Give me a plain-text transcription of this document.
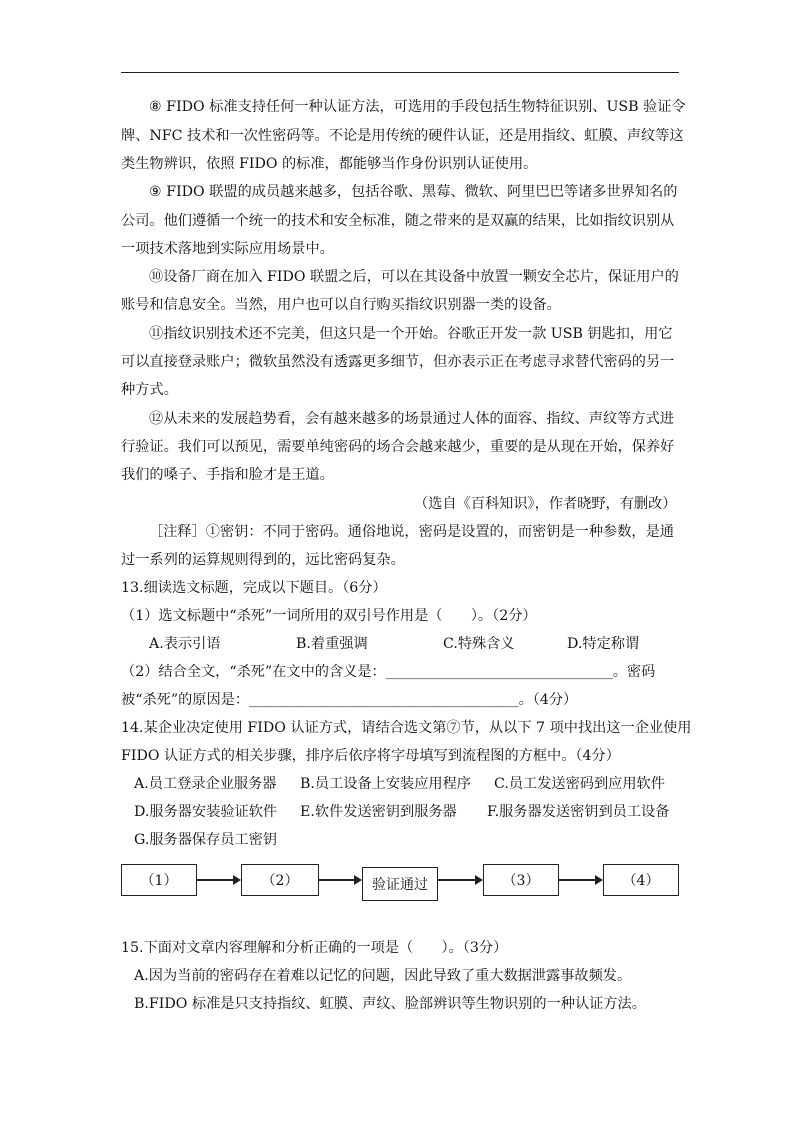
⑧ FIDO 标准支持任何一种认证方法，可选用的手段包括生物特征识别、USB 验证令
牌、NFC 技术和一次性密码等。不论是用传统的硬件认证，还是用指纹、虹膜、声纹等这
类生物辨识，依照 FIDO 的标准，都能够当作身份识别认证使用。
⑨ FIDO 联盟的成员越来越多，包括谷歌、黑莓、微软、阿里巴巴等诸多世界知名的
公司。他们遵循一个统一的技术和安全标准，随之带来的是双赢的结果，比如指纹识别从
一项技术落地到实际应用场景中。
⑩设备厂商在加入 FIDO 联盟之后，可以在其设备中放置一颗安全芯片，保证用户的
账号和信息安全。当然，用户也可以自行购买指纹识别器一类的设备。
⑪指纹识别技术还不完美，但这只是一个开始。谷歌正开发一款 USB 钥匙扣，用它
可以直接登录账户；微软虽然没有透露更多细节，但亦表示正在考虑寻求替代密码的另一
种方式。
⑫从未来的发展趋势看，会有越来越多的场景通过人体的面容、指纹、声纹等方式进
行验证。我们可以预见，需要单纯密码的场合会越来越少，重要的是从现在开始，保养好
我们的嗓子、手指和脸才是王道。
（选自《百科知识》，作者晓野，有删改）
［注释］①密钥：不同于密码。通俗地说，密码是设置的，而密钥是一种参数，是通
过一系列的运算规则得到的，远比密码复杂。
13.细读选文标题，完成以下题目。（6分）
（1）选文标题中“杀死”一词所用的双引号作用是（　　）。（2分）
A.表示引语	B.着重强调	C.特殊含义	D.特定称谓
（2）结合全文，“杀死”在文中的含义是：________________________________。密码
被“杀死”的原因是：______________________________________。（4分）
14.某企业决定使用 FIDO 认证方式，请结合选文第⑦节，从以下 7 项中找出这一企业使用
FIDO 认证方式的相关步骤，排序后依序将字母填写到流程图的方框中。（4分）
A.员工登录企业服务器 B.员工设备上安装应用程序 C.员工发送密码到应用软件
D.服务器安装验证软件 E.软件发送密钥到服务器 F.服务器发送密钥到员工设备
G.服务器保存员工密钥
（1）	（2）	验证通过	（3）	（4）
15.下面对文章内容理解和分析正确的一项是（　　）。（3分）
A.因为当前的密码存在着难以记忆的问题，因此导致了重大数据泄露事故频发。
B.FIDO 标准是只支持指纹、虹膜、声纹、脸部辨识等生物识别的一种认证方法。
